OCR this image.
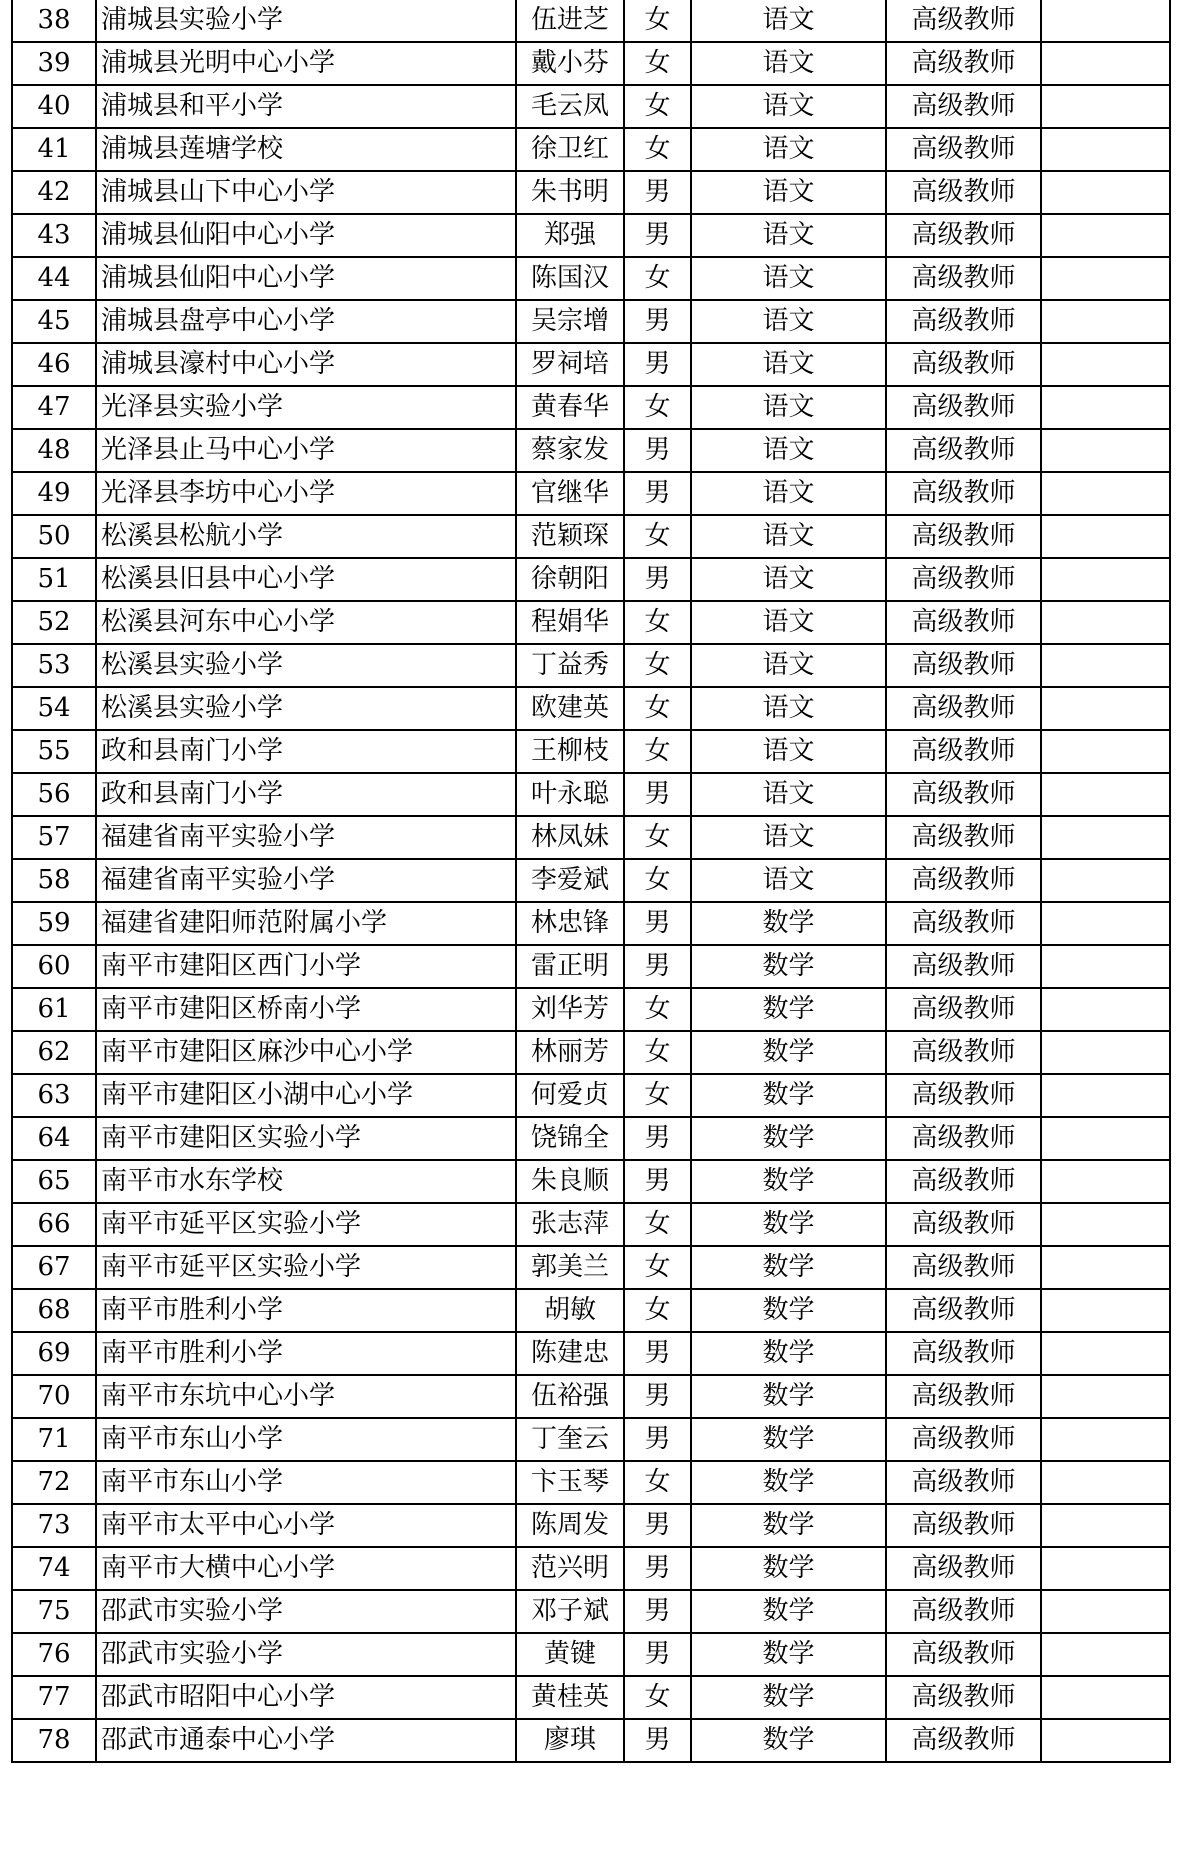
38	浦城县实验小学	伍进芝	女	语文	高级教师	
39	浦城县光明中心小学	戴小芬	女	语文	高级教师	
40	浦城县和平小学	毛云凤	女	语文	高级教师	
41	浦城县莲塘学校	徐卫红	女	语文	高级教师	
42	浦城县山下中心小学	朱书明	男	语文	高级教师	
43	浦城县仙阳中心小学	郑强	男	语文	高级教师	
44	浦城县仙阳中心小学	陈国汉	女	语文	高级教师	
45	浦城县盘亭中心小学	吴宗增	男	语文	高级教师	
46	浦城县濠村中心小学	罗祠培	男	语文	高级教师	
47	光泽县实验小学	黄春华	女	语文	高级教师	
48	光泽县止马中心小学	蔡家发	男	语文	高级教师	
49	光泽县李坊中心小学	官继华	男	语文	高级教师	
50	松溪县松航小学	范颖琛	女	语文	高级教师	
51	松溪县旧县中心小学	徐朝阳	男	语文	高级教师	
52	松溪县河东中心小学	程娟华	女	语文	高级教师	
53	松溪县实验小学	丁益秀	女	语文	高级教师	
54	松溪县实验小学	欧建英	女	语文	高级教师	
55	政和县南门小学	王柳枝	女	语文	高级教师	
56	政和县南门小学	叶永聪	男	语文	高级教师	
57	福建省南平实验小学	林凤妹	女	语文	高级教师	
58	福建省南平实验小学	李爱斌	女	语文	高级教师	
59	福建省建阳师范附属小学	林忠锋	男	数学	高级教师	
60	南平市建阳区西门小学	雷正明	男	数学	高级教师	
61	南平市建阳区桥南小学	刘华芳	女	数学	高级教师	
62	南平市建阳区麻沙中心小学	林丽芳	女	数学	高级教师	
63	南平市建阳区小湖中心小学	何爱贞	女	数学	高级教师	
64	南平市建阳区实验小学	饶锦全	男	数学	高级教师	
65	南平市水东学校	朱良顺	男	数学	高级教师	
66	南平市延平区实验小学	张志萍	女	数学	高级教师	
67	南平市延平区实验小学	郭美兰	女	数学	高级教师	
68	南平市胜利小学	胡敏	女	数学	高级教师	
69	南平市胜利小学	陈建忠	男	数学	高级教师	
70	南平市东坑中心小学	伍裕强	男	数学	高级教师	
71	南平市东山小学	丁奎云	男	数学	高级教师	
72	南平市东山小学	卞玉琴	女	数学	高级教师	
73	南平市太平中心小学	陈周发	男	数学	高级教师	
74	南平市大横中心小学	范兴明	男	数学	高级教师	
75	邵武市实验小学	邓子斌	男	数学	高级教师	
76	邵武市实验小学	黄键	男	数学	高级教师	
77	邵武市昭阳中心小学	黄桂英	女	数学	高级教师	
78	邵武市通泰中心小学	廖琪	男	数学	高级教师	
